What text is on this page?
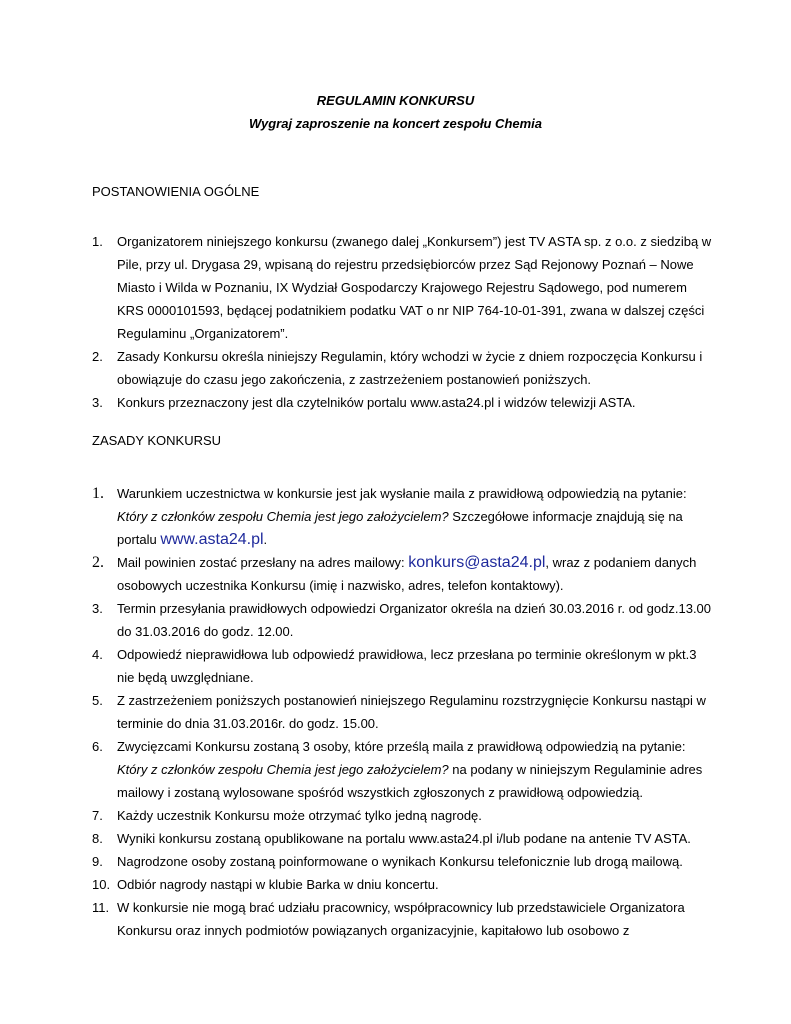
REGULAMIN KONKURSU
Wygraj zaproszenie na koncert zespołu Chemia
POSTANOWIENIA OGÓLNE
1. Organizatorem niniejszego konkursu (zwanego dalej „Konkursem”) jest TV ASTA sp. z o.o. z siedzibą w Pile, przy ul. Drygasa 29, wpisaną do rejestru przedsiębiorców przez Sąd Rejonowy Poznań – Nowe Miasto i Wilda w Poznaniu, IX Wydział Gospodarczy Krajowego Rejestru Sądowego, pod numerem KRS 0000101593, będącej podatnikiem podatku VAT o nr NIP 764-10-01-391, zwana w dalszej części Regulaminu „Organizatorem”.
2. Zasady Konkursu określa niniejszy Regulamin, który wchodzi w życie z dniem rozpoczęcia Konkursu i obowiązuje do czasu jego zakończenia, z zastrzeżeniem postanowień poniższych.
3. Konkurs przeznaczony jest dla czytelników portalu www.asta24.pl i widzów telewizji ASTA.
ZASADY KONKURSU
1. Warunkiem uczestnictwa w konkursie jest jak wysłanie maila z prawidłową odpowiedzią na pytanie: Który z członków zespołu Chemia jest jego założycielem? Szczegółowe informacje znajdują się na portalu www.asta24.pl.
2. Mail powinien zostać przesłany na adres mailowy: konkurs@asta24.pl, wraz z podaniem danych osobowych uczestnika Konkursu (imię i nazwisko, adres, telefon kontaktowy).
3. Termin przesyłania prawidłowych odpowiedzi Organizator określa na dzień 30.03.2016 r. od godz.13.00 do 31.03.2016 do godz. 12.00.
4. Odpowiedź nieprawidłowa lub odpowiedź prawidłowa, lecz przesłana po terminie określonym w pkt.3 nie będą uwzględniane.
5. Z zastrzeżeniem poniższych postanowień niniejszego Regulaminu rozstrzygnięcie Konkursu nastąpi w terminie do dnia 31.03.2016r. do godz. 15.00.
6. Zwycięzcami Konkursu zostaną 3 osoby, które prześlą maila z prawidłową odpowiedzią na pytanie: Który z członków zespołu Chemia jest jego założycielem? na podany w niniejszym Regulaminie adres mailowy i zostaną wylosowane spośród wszystkich zgłoszonych z prawidłową odpowiedzią.
7. Każdy uczestnik Konkursu może otrzymać tylko jedną nagrodę.
8. Wyniki konkursu zostaną opublikowane na portalu www.asta24.pl i/lub podane na antenie TV ASTA.
9. Nagrodzone osoby zostaną poinformowane o wynikach Konkursu telefonicznie lub drogą mailową.
10. Odbiór nagrody nastąpi w klubie Barka w dniu koncertu.
11. W konkursie nie mogą brać udziału pracownicy, współpracownicy lub przedstawiciele Organizatora Konkursu oraz innych podmiotów powiązanych organizacyjnie, kapitałowo lub osobowo z
